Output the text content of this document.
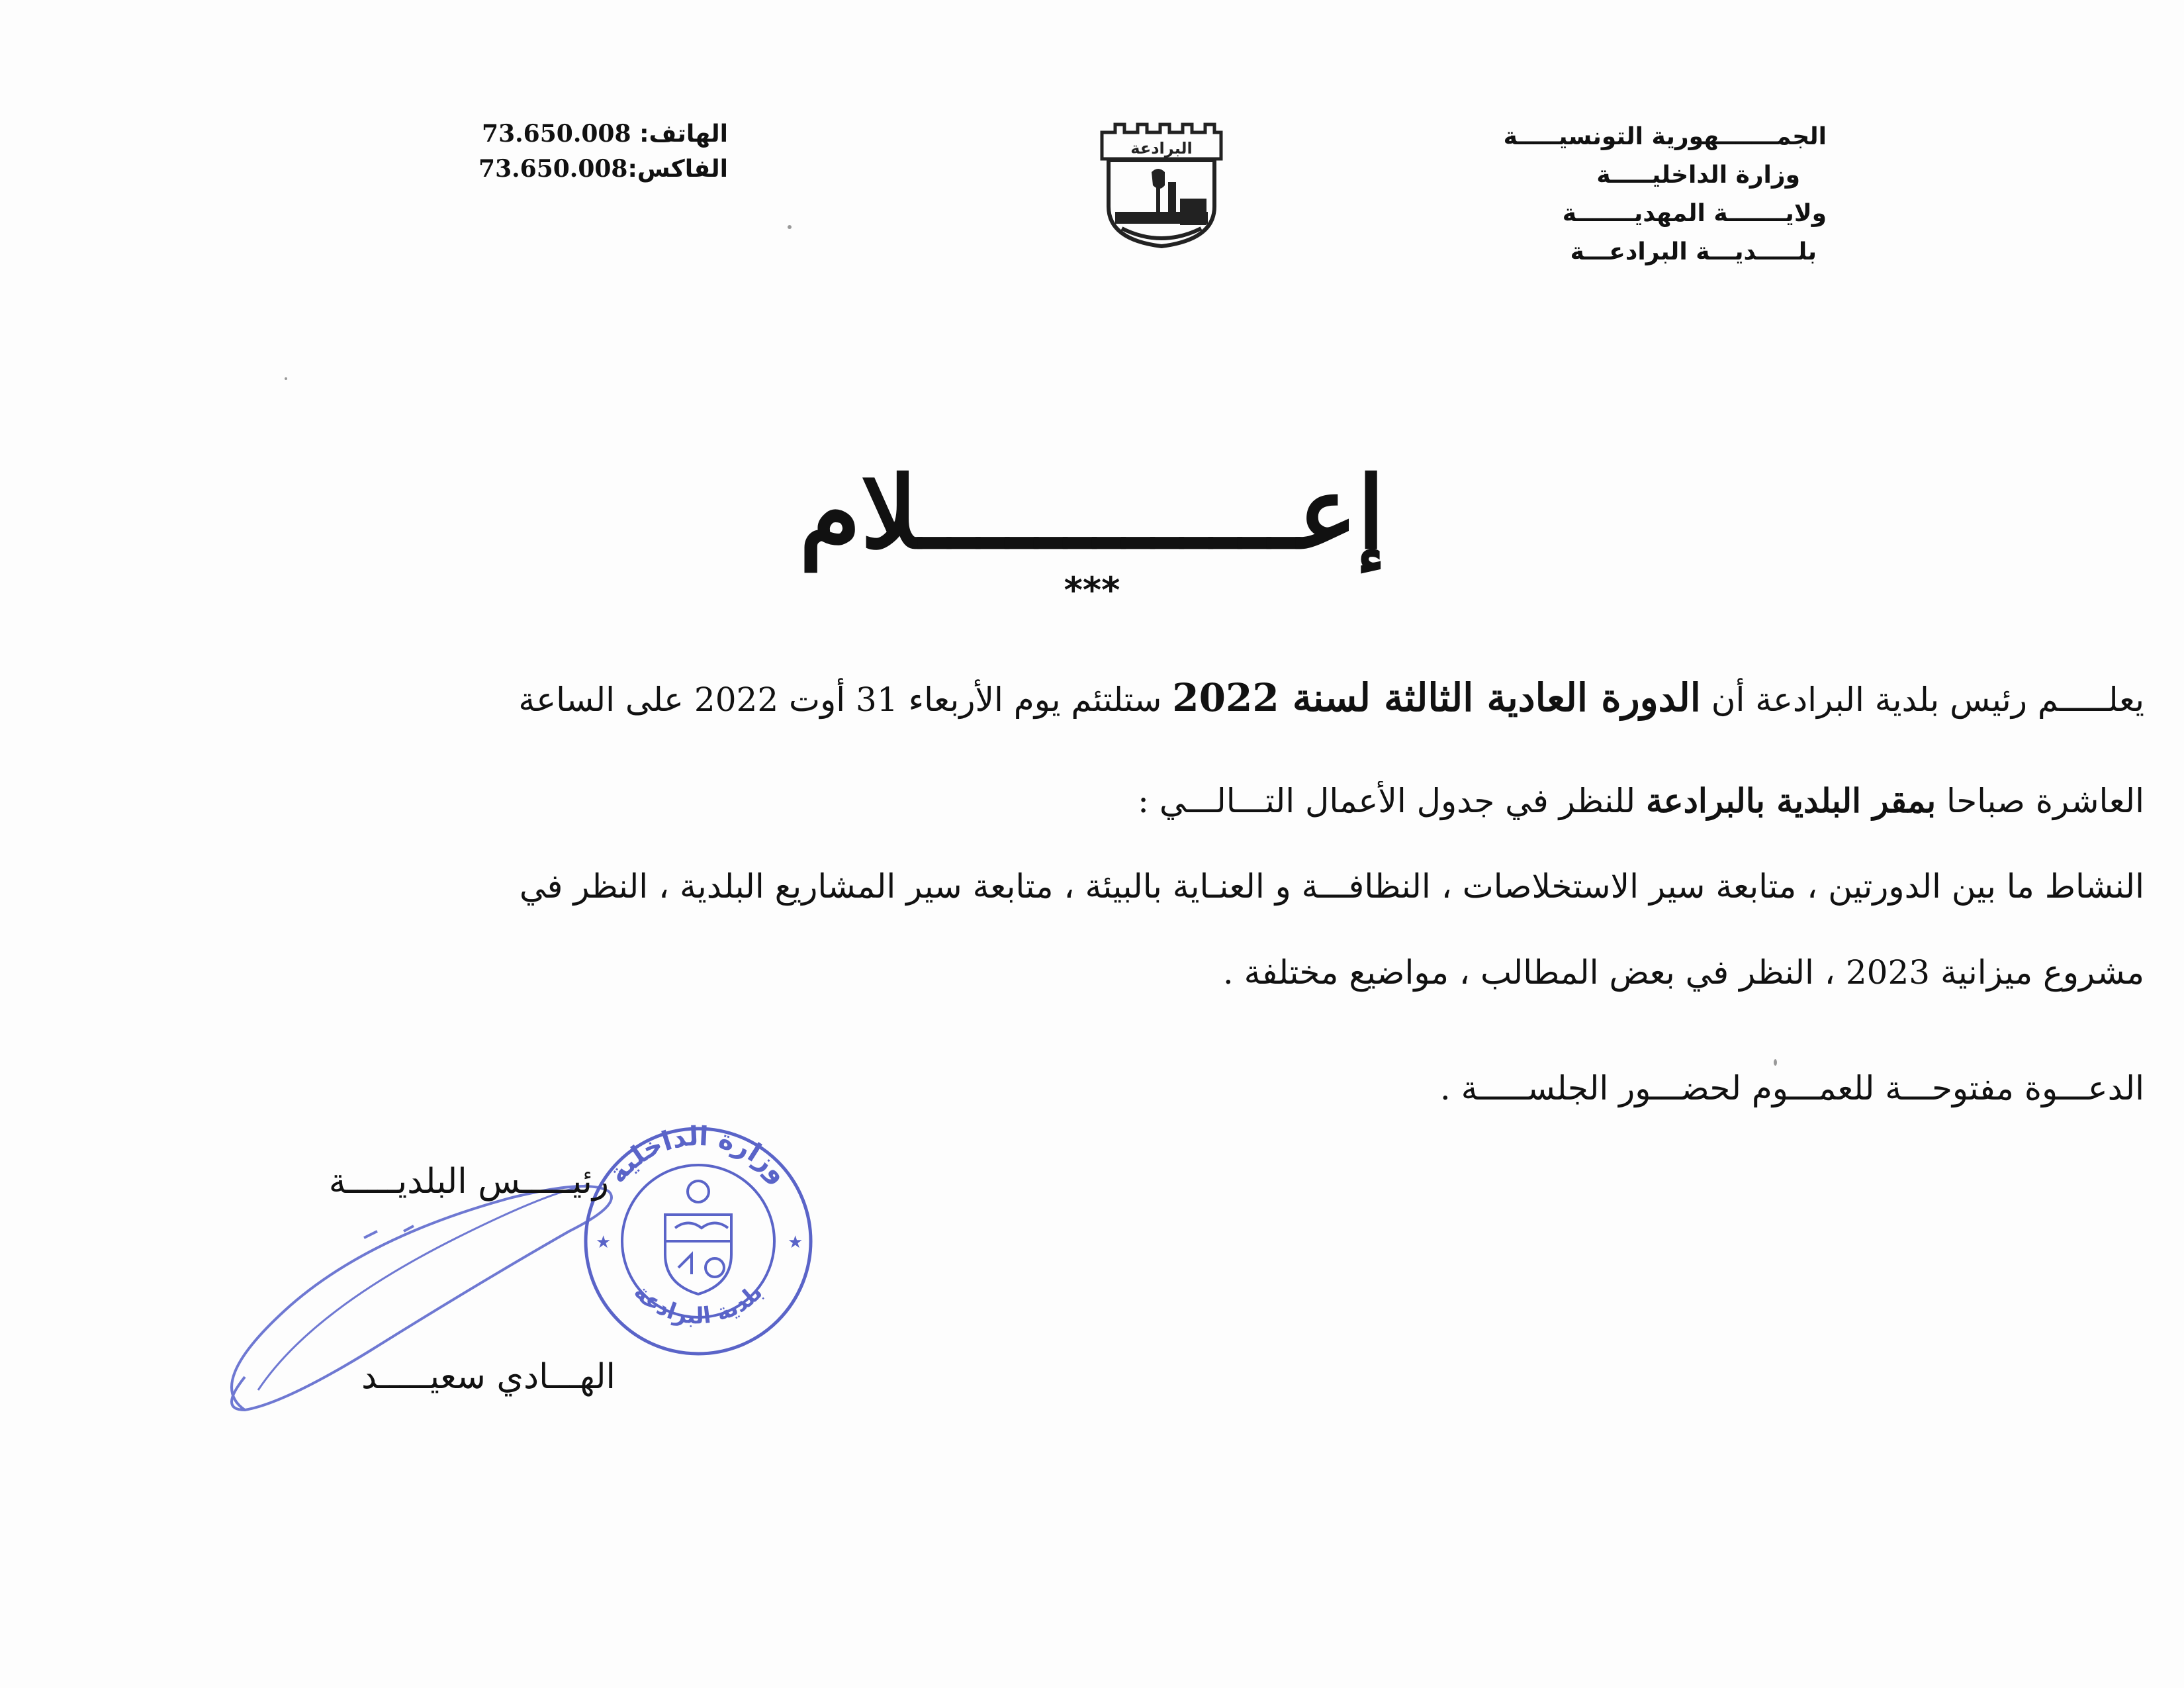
الجمـــــــهورية التونسيـــــة
وزارة الداخليـــــة
ولايـــــــة المهديـــــــة
بلـــــديـــة البرادعـــة
الهاتف: 73.650.008
الفاكس:73.650.008
البرادعة
إعـــــــــــــلام
***
يعلـــــم رئيس بلدية البرادعة أن الدورة العادية الثالثة لسنة 2022 ستلتئم يوم الأربعاء 31 أوت 2022 على الساعة
العاشرة صباحا بمقر البلدية بالبرادعة للنظر في جدول الأعمال التـــالـــي :
النشاط ما بين الدورتين ، متابعة سير الاستخلاصات ، النظافـــة و العنـاية بالبيئة ، متابعة سير المشاريع البلدية ، النظر في
مشروع ميزانية 2023 ، النظر في بعض المطالب ، مواضيع مختلفة .
الدعـــوة مفتوحـــة للعمـــوم لحضـــور الجلســـــة .
وزارة الداخلية
بلدية البرادعة
★	★
رئيـــــس البلديـــــة
الهـــادي سعيـــــد
